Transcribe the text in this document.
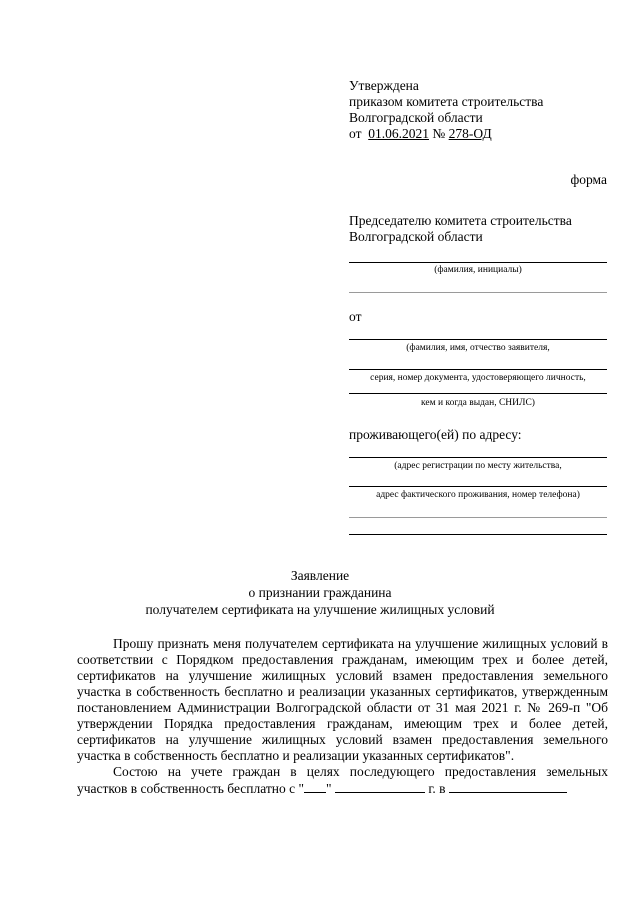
Утверждена
приказом комитета строительства
Волгоградской области
от 01.06.2021 № 278-ОД
форма
Председателю комитета строительства
Волгоградской области
(фамилия, инициалы)
от
(фамилия, имя, отчество заявителя,
серия, номер документа, удостоверяющего личность,
кем и когда выдан, СНИЛС)
проживающего(ей) по адресу:
(адрес регистрации по месту жительства,
адрес фактического проживания, номер телефона)
Заявление
о признании гражданина
получателем сертификата на улучшение жилищных условий

Прошу признать меня получателем сертификата на улучшение жилищных условий в соответствии с Порядком предоставления гражданам, имеющим трех и более детей, сертификатов на улучшение жилищных условий взамен предоставления земельного участка в собственность бесплатно и реализации указанных сертификатов, утвержденным постановлением Администрации Волгоградской области от 31 мая 2021 г. № 269-п "Об утверждении Порядка предоставления гражданам, имеющим трех и более детей, сертификатов на улучшение жилищных условий взамен предоставления земельного участка в собственность бесплатно и реализации указанных сертификатов".

Состою на учете граждан в целях последующего предоставления земельных участков в собственность бесплатно с " "	г. в
